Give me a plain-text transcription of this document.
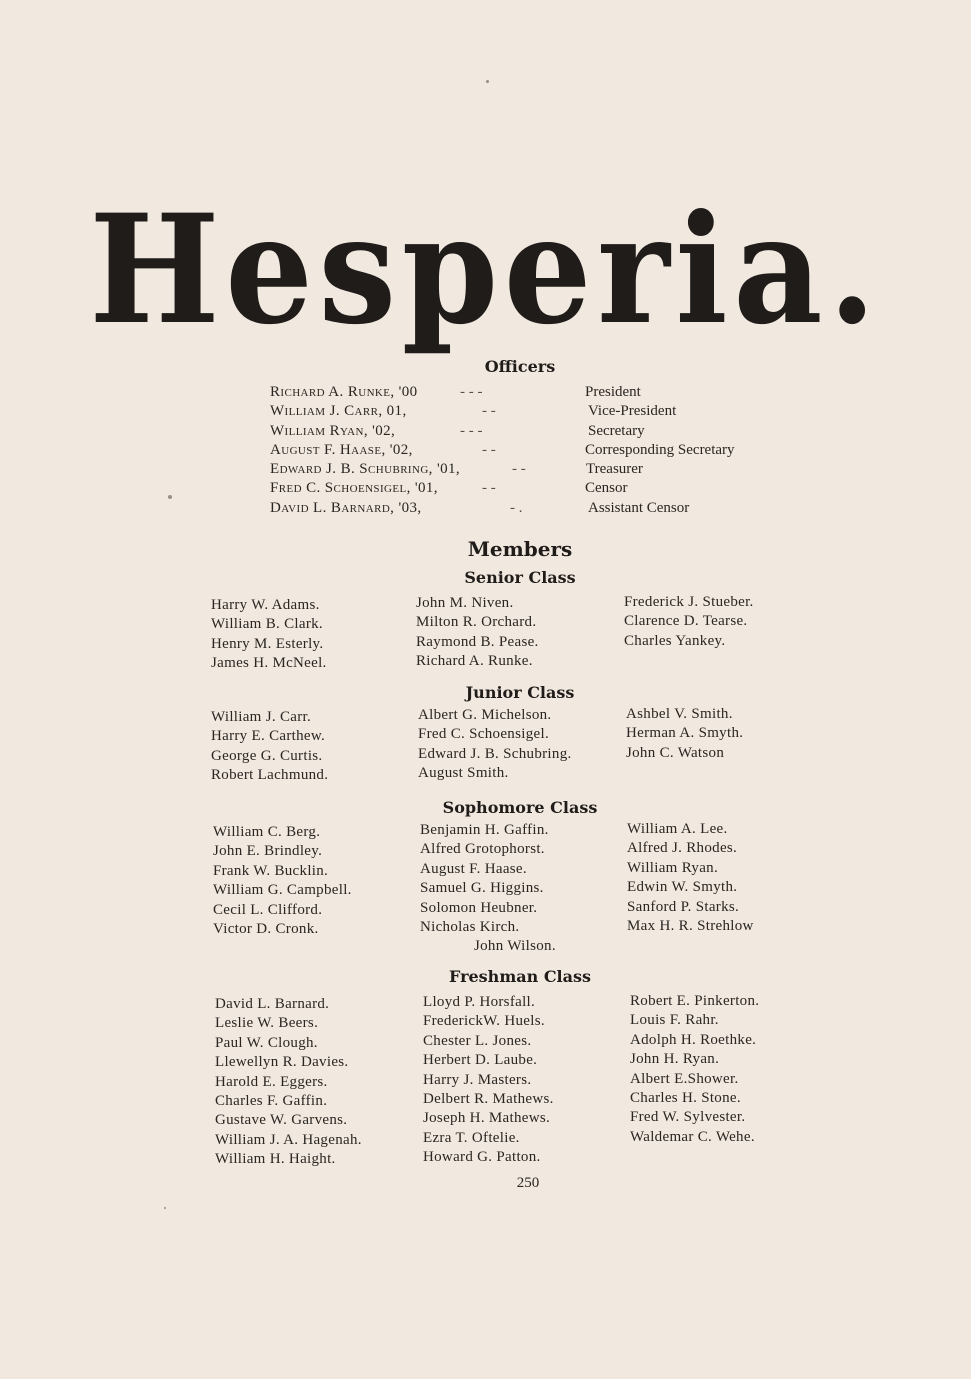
Hesperia.
Officers
Richard A. Runke, '00	- - -	President
William J. Carr, 01,	- -	Vice-President
William Ryan, '02,	- - -	Secretary
August F. Haase, '02,	- -	Corresponding Secretary
Edward J. B. Schubring, '01,	- -	Treasurer
Fred C. Schoensigel, '01,	- -	Censor
David L. Barnard, '03,	- .	Assistant Censor
Members
Senior Class
Harry W. Adams.
William B. Clark.
Henry M. Esterly.
James H. McNeel.
John M. Niven.
Milton R. Orchard.
Raymond B. Pease.
Richard A. Runke.
Frederick J. Stueber.
Clarence D. Tearse.
Charles Yankey.
Junior Class
William J. Carr.
Harry E. Carthew.
George G. Curtis.
Robert Lachmund.
Albert G. Michelson.
Fred C. Schoensigel.
Edward J. B. Schubring.
August Smith.
Ashbel V. Smith.
Herman A. Smyth.
John C. Watson
Sophomore Class
William C. Berg.
John E. Brindley.
Frank W. Bucklin.
William G. Campbell.
Cecil L. Clifford.
Victor D. Cronk.
Benjamin H. Gaffin.
Alfred Grotophorst.
August F. Haase.
Samuel G. Higgins.
Solomon Heubner.
Nicholas Kirch.
John Wilson.
William A. Lee.
Alfred J. Rhodes.
William Ryan.
Edwin W. Smyth.
Sanford P. Starks.
Max H. R. Strehlow
Freshman Class
David L. Barnard.
Leslie W. Beers.
Paul W. Clough.
Llewellyn R. Davies.
Harold E. Eggers.
Charles F. Gaffin.
Gustave W. Garvens.
William J. A. Hagenah.
William H. Haight.
Lloyd P. Horsfall.
FrederickW. Huels.
Chester L. Jones.
Herbert D. Laube.
Harry J. Masters.
Delbert R. Mathews.
Joseph H. Mathews.
Ezra T. Oftelie.
Howard G. Patton.
Robert E. Pinkerton.
Louis F. Rahr.
Adolph H. Roethke.
John H. Ryan.
Albert E.Shower.
Charles H. Stone.
Fred W. Sylvester.
Waldemar C. Wehe.
250
